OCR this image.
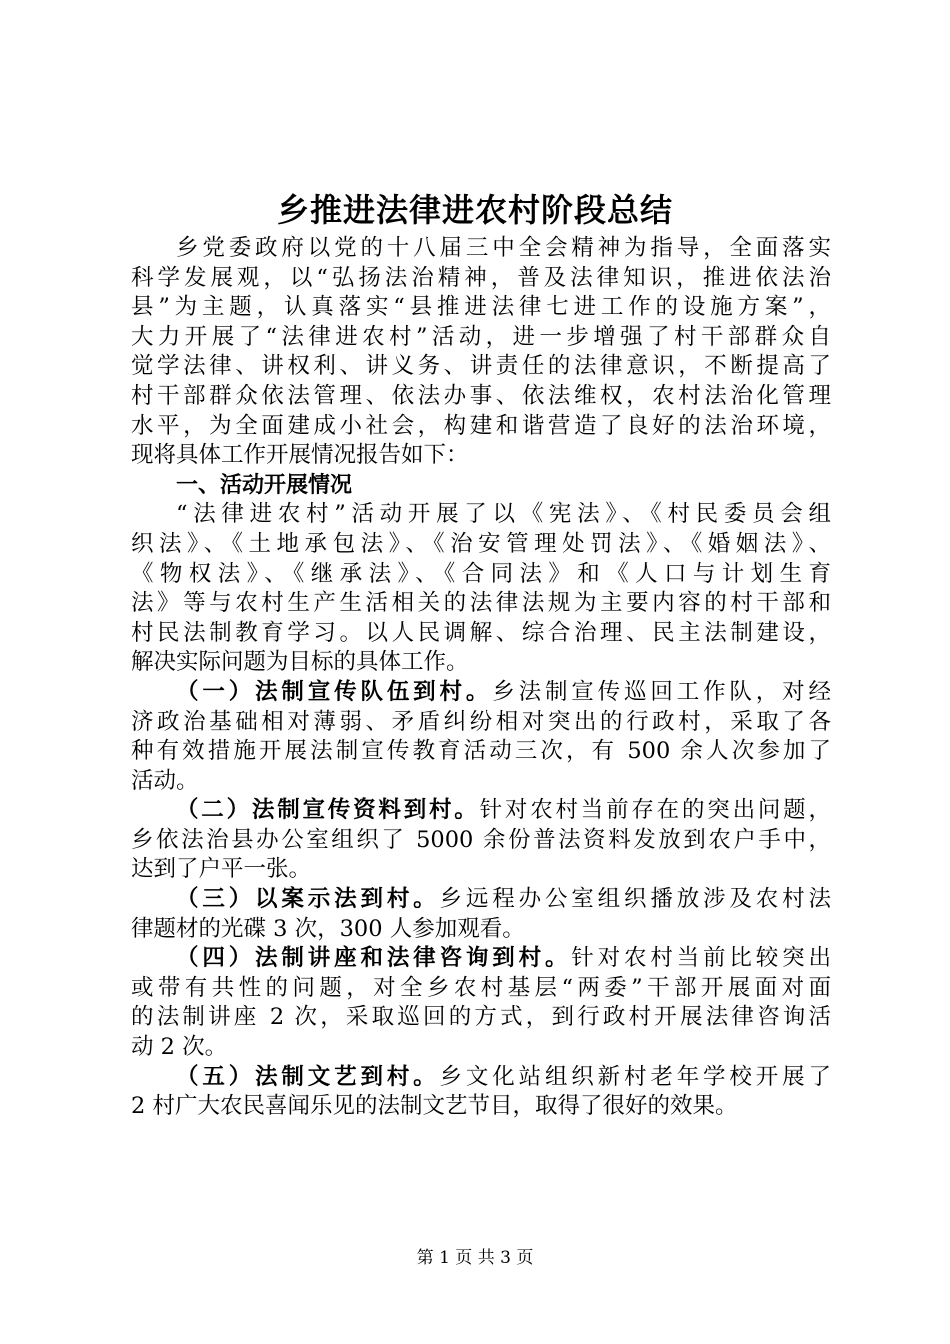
乡推进法律进农村阶段总结
乡党委政府以党的十八届三中全会精神为指导，全面落实
科学发展观，以“弘扬法治精神，普及法律知识，推进依法治
县”为主题，认真落实“县推进法律七进工作的设施方案”，
大力开展了“法律进农村”活动，进一步增强了村干部群众自
觉学法律、讲权利、讲义务、讲责任的法律意识，不断提高了
村干部群众依法管理、依法办事、依法维权，农村法治化管理
水平，为全面建成小社会，构建和谐营造了良好的法治环境，
现将具体工作开展情况报告如下：
一、活动开展情况
“法律进农村”活动开展了以《宪法》、《村民委员会组
织法》、《土地承包法》、《治安管理处罚法》、《婚姻法》、
《物权法》、《继承法》、《合同法》和《人口与计划生育
法》等与农村生产生活相关的法律法规为主要内容的村干部和
村民法制教育学习。以人民调解、综合治理、民主法制建设，
解决实际问题为目标的具体工作。
（一）法制宣传队伍到村。乡法制宣传巡回工作队，对经
济政治基础相对薄弱、矛盾纠纷相对突出的行政村，采取了各
种有效措施开展法制宣传教育活动三次，有 500 余人次参加了
活动。
（二）法制宣传资料到村。针对农村当前存在的突出问题，
乡依法治县办公室组织了 5000 余份普法资料发放到农户手中，
达到了户平一张。
（三）以案示法到村。乡远程办公室组织播放涉及农村法
律题材的光碟 3 次，300 人参加观看。
（四）法制讲座和法律咨询到村。针对农村当前比较突出
或带有共性的问题，对全乡农村基层“两委”干部开展面对面
的法制讲座 2 次，采取巡回的方式，到行政村开展法律咨询活
动 2 次。
（五）法制文艺到村。乡文化站组织新村老年学校开展了
2 村广大农民喜闻乐见的法制文艺节目，取得了很好的效果。
第 1 页 共 3 页
